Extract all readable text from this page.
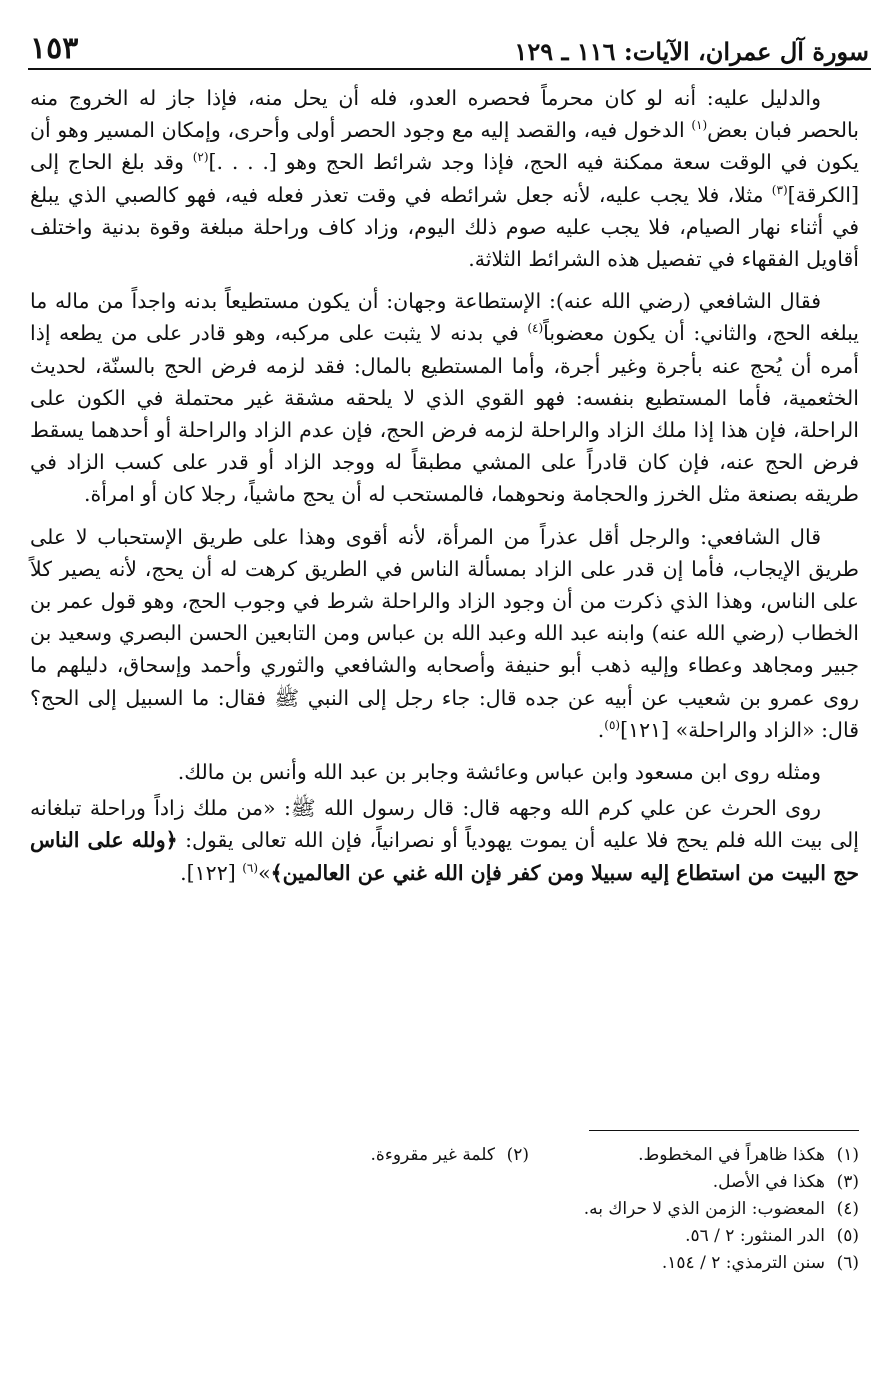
سورة آل عمران، الآيات: ١١٦ ـ ١٢٩
١٥٣

والدليل عليه: أنه لو كان محرماً فحصره العدو، فله أن يحل منه، فإذا جاز له الخروج منه بالحصر فبان بعض$^{(١)}$ الدخول فيه، والقصد إليه مع وجود الحصر أولى وأحرى، وإمكان المسير وهو أن يكون في الوقت سعة ممكنة فيه الحج، فإذا وجد شرائط الحج وهو [. . . .]$^{(٢)}$ وقد بلغ الحاج إلى [الكرقة]$^{(٣)}$ مثلا، فلا يجب عليه، لأنه جعل شرائطه في وقت تعذر فعله فيه، فهو كالصبي الذي يبلغ في أثناء نهار الصيام، فلا يجب عليه صوم ذلك اليوم، وزاد كاف وراحلة مبلغة وقوة بدنية واختلف أقاويل الفقهاء في تفصيل هذه الشرائط الثلاثة.

فقال الشافعي (رضي الله عنه): الإستطاعة وجهان: أن يكون مستطيعاً بدنه واجداً من ماله ما يبلغه الحج، والثاني: أن يكون معضوباً$^{(٤)}$ في بدنه لا يثبت على مركبه، وهو قادر على من يطعه إذا أمره أن يُحج عنه بأجرة وغير أجرة، وأما المستطيع بالمال: فقد لزمه فرض الحج بالسنّة، لحديث الخثعمية، فأما المستطيع بنفسه: فهو القوي الذي لا يلحقه مشقة غير محتملة في الكون على الراحلة، فإن هذا إذا ملك الزاد والراحلة لزمه فرض الحج، فإن عدم الزاد والراحلة أو أحدهما يسقط فرض الحج عنه، فإن كان قادراً على المشي مطبقاً له ووجد الزاد أو قدر على كسب الزاد في طريقه بصنعة مثل الخرز والحجامة ونحوهما، فالمستحب له أن يحج ماشياً، رجلا كان أو امرأة.

قال الشافعي: والرجل أقل عذراً من المرأة، لأنه أقوى وهذا على طريق الإستحباب لا على طريق الإيجاب، فأما إن قدر على الزاد بمسألة الناس في الطريق كرهت له أن يحج، لأنه يصير كلاً على الناس، وهذا الذي ذكرت من أن وجود الزاد والراحلة شرط في وجوب الحج، وهو قول عمر بن الخطاب (رضي الله عنه) وابنه عبد الله وعبد الله بن عباس ومن التابعين الحسن البصري وسعيد بن جبير ومجاهد وعطاء وإليه ذهب أبو حنيفة وأصحابه والشافعي والثوري وأحمد وإسحاق، دليلهم ما روى عمرو بن شعيب عن أبيه عن جده قال: جاء رجل إلى النبي ﷺ فقال: ما السبيل إلى الحج؟ قال: «الزاد والراحلة» [١٢١]$^{(٥)}$.

ومثله روى ابن مسعود وابن عباس وعائشة وجابر بن عبد الله وأنس بن مالك.

روى الحرث عن علي كرم الله وجهه قال: قال رسول الله ﷺ: «من ملك زاداً وراحلة تبلغانه إلى بيت الله فلم يحج فلا عليه أن يموت يهودياً أو نصرانياً، فإن الله تعالى يقول: ﴿ولله على الناس حج البيت من استطاع إليه سبيلا ومن كفر فإن الله غني عن العالمين﴾»$^{(٦)}$ [١٢٢].

(١)
هكذا ظاهراً في المخطوط.
(٢)
كلمة غير مقروءة.
(٣)
هكذا في الأصل.
(٤)
المعضوب: الزمن الذي لا حراك به.
(٥)
الدر المنثور: ٢ / ٥٦.
(٦)
سنن الترمذي: ٢ / ١٥٤.
